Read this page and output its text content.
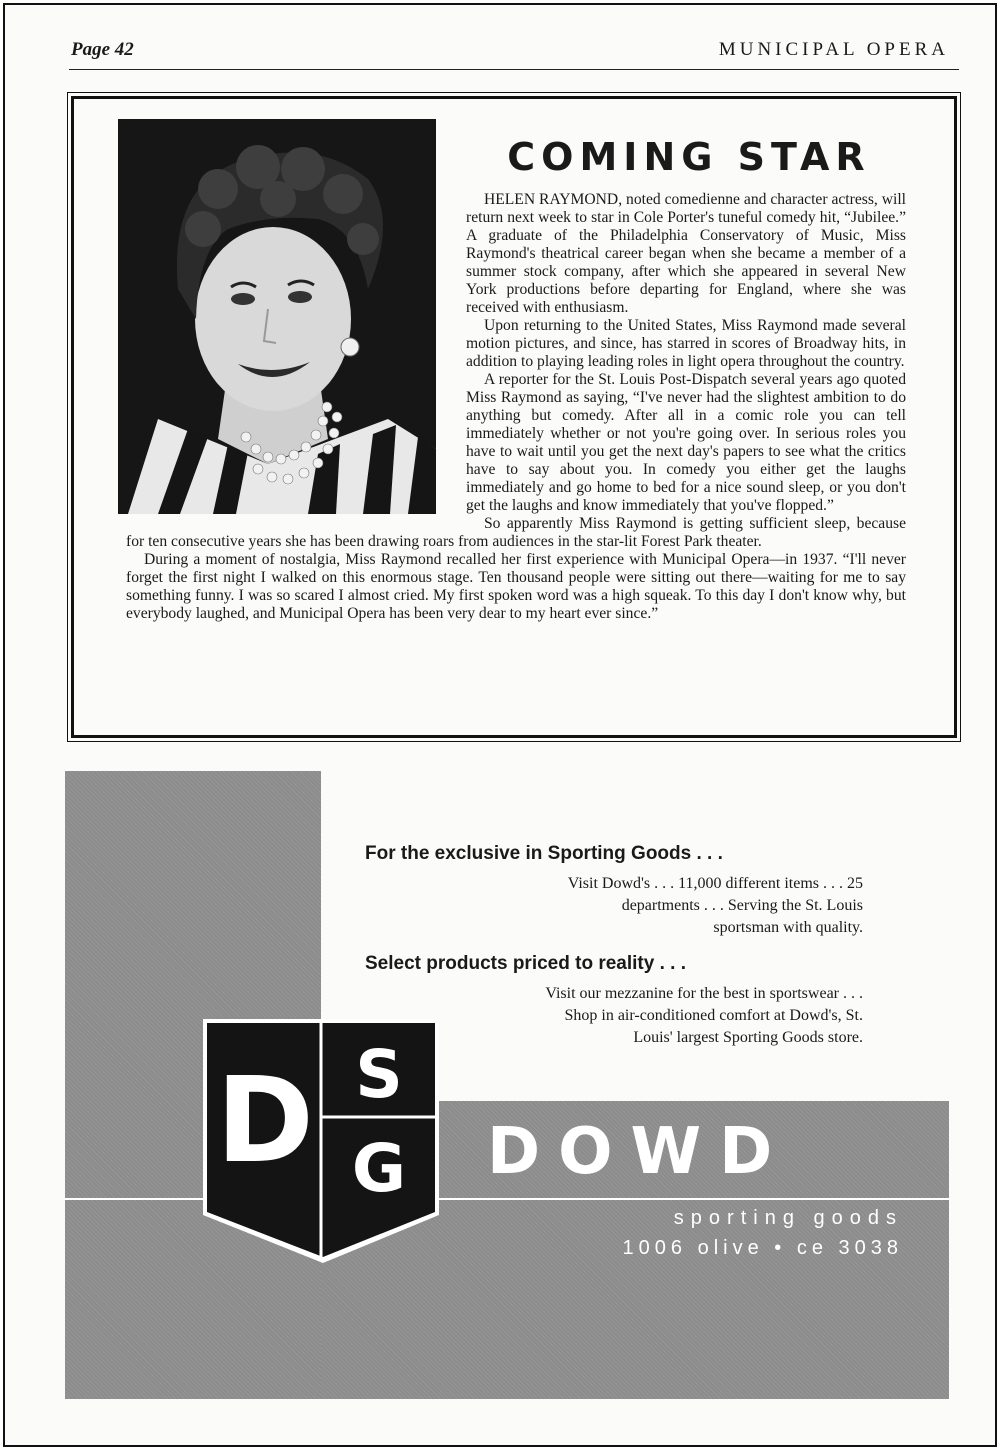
Page 42	MUNICIPAL OPERA
COMING STAR

HELEN RAYMOND, noted comedienne and character actress, will return next week to star in Cole Porter's tuneful comedy hit, “Jubilee.” A graduate of the Philadelphia Conservatory of Music, Miss Raymond's theatrical career began when she became a member of a summer stock company, after which she appeared in several New York productions before departing for England, where she was received with enthusiasm.

Upon returning to the United States, Miss Raymond made several motion pictures, and since, has starred in scores of Broadway hits, in addition to playing leading roles in light opera throughout the country.

A reporter for the St. Louis Post-Dispatch several years ago quoted Miss Raymond as saying, “I've never had the slightest ambition to do anything but comedy. After all in a comic role you can tell immediately whether or not you're going over. In serious roles you have to wait until you get the next day's papers to see what the critics have to say about you. In comedy you either get the laughs immediately and go home to bed for a nice sound sleep, or you don't get the laughs and know immediately that you've flopped.”

So apparently Miss Raymond is getting sufficient sleep, because for ten consecutive years she has been drawing roars from audiences in the star-lit Forest Park theater.

During a moment of nostalgia, Miss Raymond recalled her first experience with Municipal Opera—in 1937. “I'll never forget the first night I walked on this enormous stage. Ten thousand people were sitting out there—waiting for me to say something funny. I was so scared I almost cried. My first spoken word was a high squeak. To this day I don't know why, but everybody laughed, and Municipal Opera has been very dear to my heart ever since.”

For the exclusive in Sporting Goods . . .

Visit Dowd's . . . 11,000 different items . . . 25 departments . . . Serving the St. Louis sportsman with quality.

Select products priced to reality . . .

Visit our mezzanine for the best in sportswear . . . Shop in air-conditioned comfort at Dowd's, St. Louis' largest Sporting Goods store.

D S
G	DOWD
sporting goods
1006 olive • ce 3038
